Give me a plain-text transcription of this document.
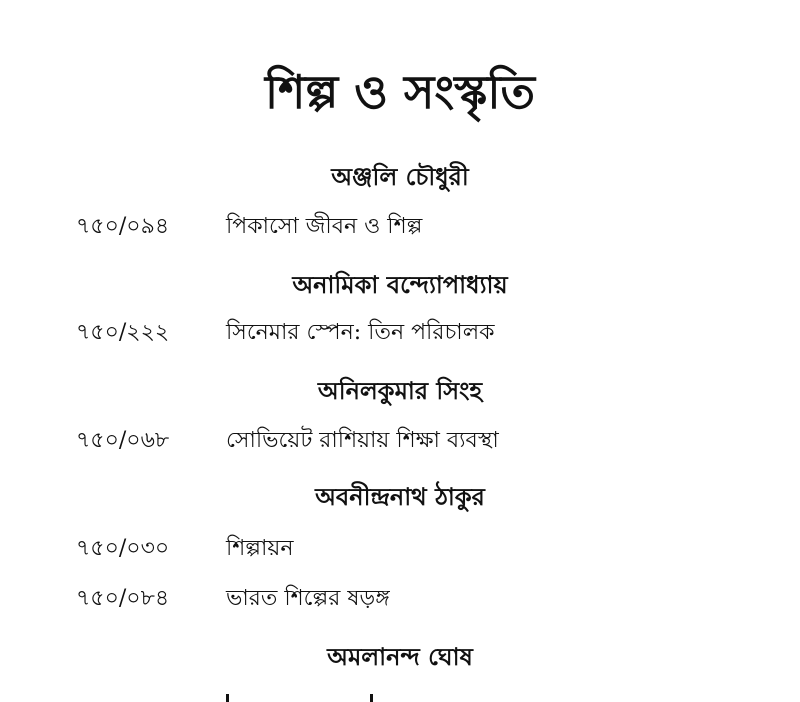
শিল্প ও সংস্কৃতি
অঞ্জলি চৌধুরী
৭৫০/০৯৪	পিকাসো জীবন ও শিল্প
অনামিকা বন্দ্যোপাধ্যায়
৭৫০/২২২	সিনেমার স্পেন: তিন পরিচালক
অনিলকুমার সিংহ
৭৫০/০৬৮	সোভিয়েট রাশিয়ায় শিক্ষা ব্যবস্থা
অবনীন্দ্রনাথ ঠাকুর
৭৫০/০৩০	শিল্পায়ন
৭৫০/০৮৪	ভারত শিল্পের ষড়ঙ্গ
অমলানন্দ ঘোষ
